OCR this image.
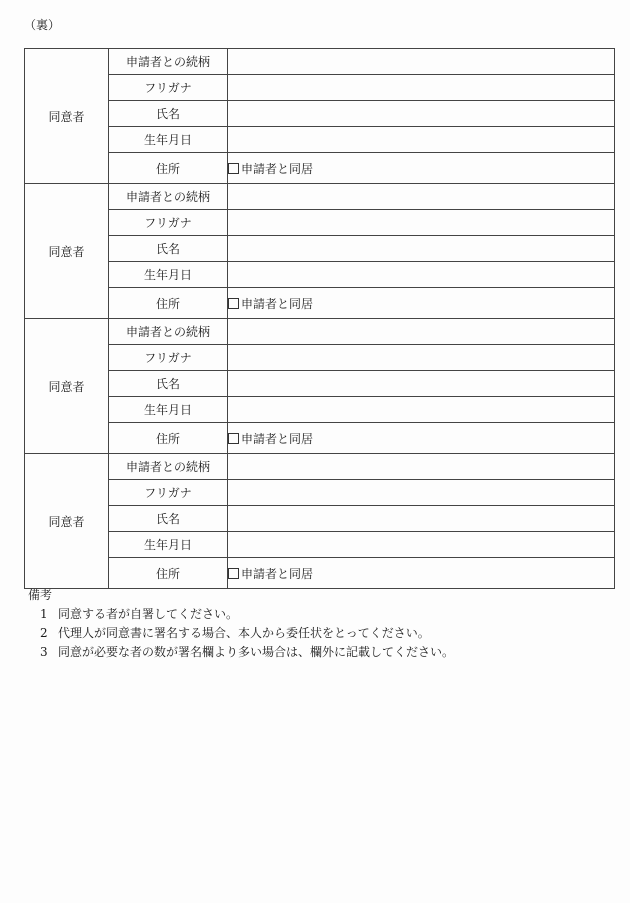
（裏）
同意者	申請者との続柄	
	フリガナ	
	氏名	
	生年月日	
	住所	申請者と同居
同意者	申請者との続柄	
	フリガナ	
	氏名	
	生年月日	
	住所	申請者と同居
同意者	申請者との続柄	
	フリガナ	
	氏名	
	生年月日	
	住所	申請者と同居
同意者	申請者との続柄	
	フリガナ	
	氏名	
	生年月日	
	住所	申請者と同居
備考
1 同意する者が自署してください。
2 代理人が同意書に署名する場合、本人から委任状をとってください。
3 同意が必要な者の数が署名欄より多い場合は、欄外に記載してください。
